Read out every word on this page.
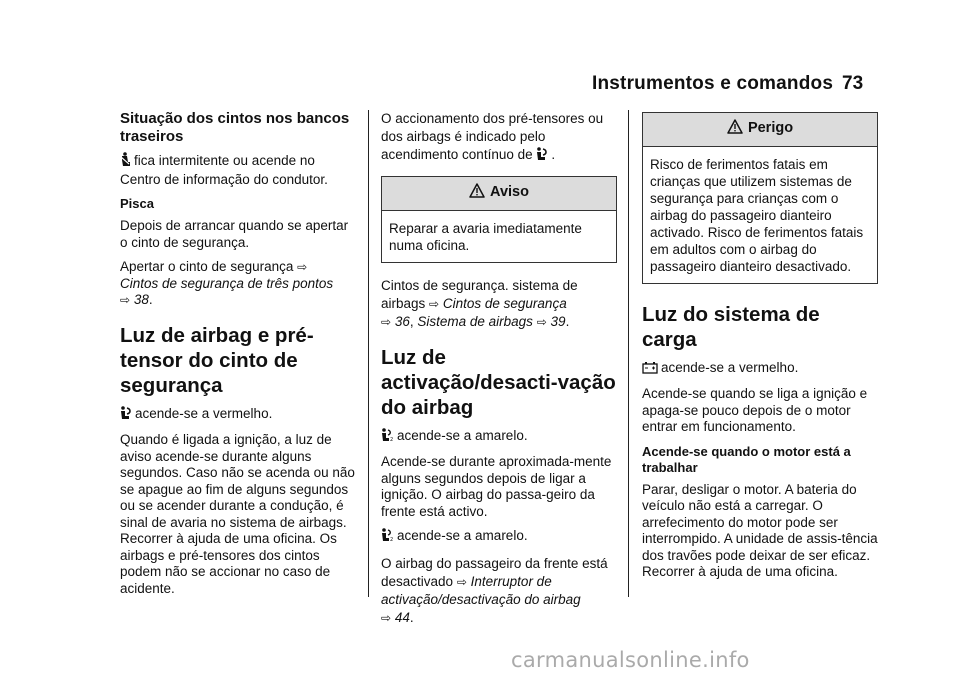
Instrumentos e comandos 73
Situação dos cintos nos bancos traseiros

fica intermitente ou acende no Centro de informação do condutor.

Pisca

Depois de arrancar quando se apertar o cinto de segurança.

Apertar o cinto de segurança ⇨
Cintos de segurança de três pontos
⇨ 38.

Luz de airbag e pré-tensor do cinto de segurança

acende-se a vermelho.

Quando é ligada a ignição, a luz de aviso acende-se durante alguns segundos. Caso não se acenda ou não se apague ao fim de alguns segundos ou se acender durante a condução, é sinal de avaria no sistema de airbags. Recorrer à ajuda de uma oficina. Os airbags e pré-tensores dos cintos podem não se accionar no caso de acidente.

O accionamento dos pré-tensores ou dos airbags é indicado pelo acendimento contínuo de .

Aviso
Reparar a avaria imediatamente numa oficina.

Cintos de segurança. sistema de airbags ⇨ Cintos de segurança
⇨ 36, Sistema de airbags ⇨ 39.

Luz de activação/desacti-vação do airbag

2 acende-se a amarelo.

Acende-se durante aproximada-mente alguns segundos depois de ligar a ignição. O airbag do passa-geiro da frente está activo.

2 acende-se a amarelo.

O airbag do passageiro da frente está desactivado ⇨ Interruptor de activação/desactivação do airbag
⇨ 44.

Perigo
Risco de ferimentos fatais em crianças que utilizem sistemas de segurança para crianças com o airbag do passageiro dianteiro activado. Risco de ferimentos fatais em adultos com o airbag do passageiro dianteiro desactivado.
Luz do sistema de carga

acende-se a vermelho.

Acende-se quando se liga a ignição e apaga-se pouco depois de o motor entrar em funcionamento.

Acende-se quando o motor está a trabalhar

Parar, desligar o motor. A bateria do veículo não está a carregar. O arrefecimento do motor pode ser interrompido. A unidade de assis-tência dos travões pode deixar de ser eficaz. Recorrer à ajuda de uma oficina.

carmanualsonline.info
